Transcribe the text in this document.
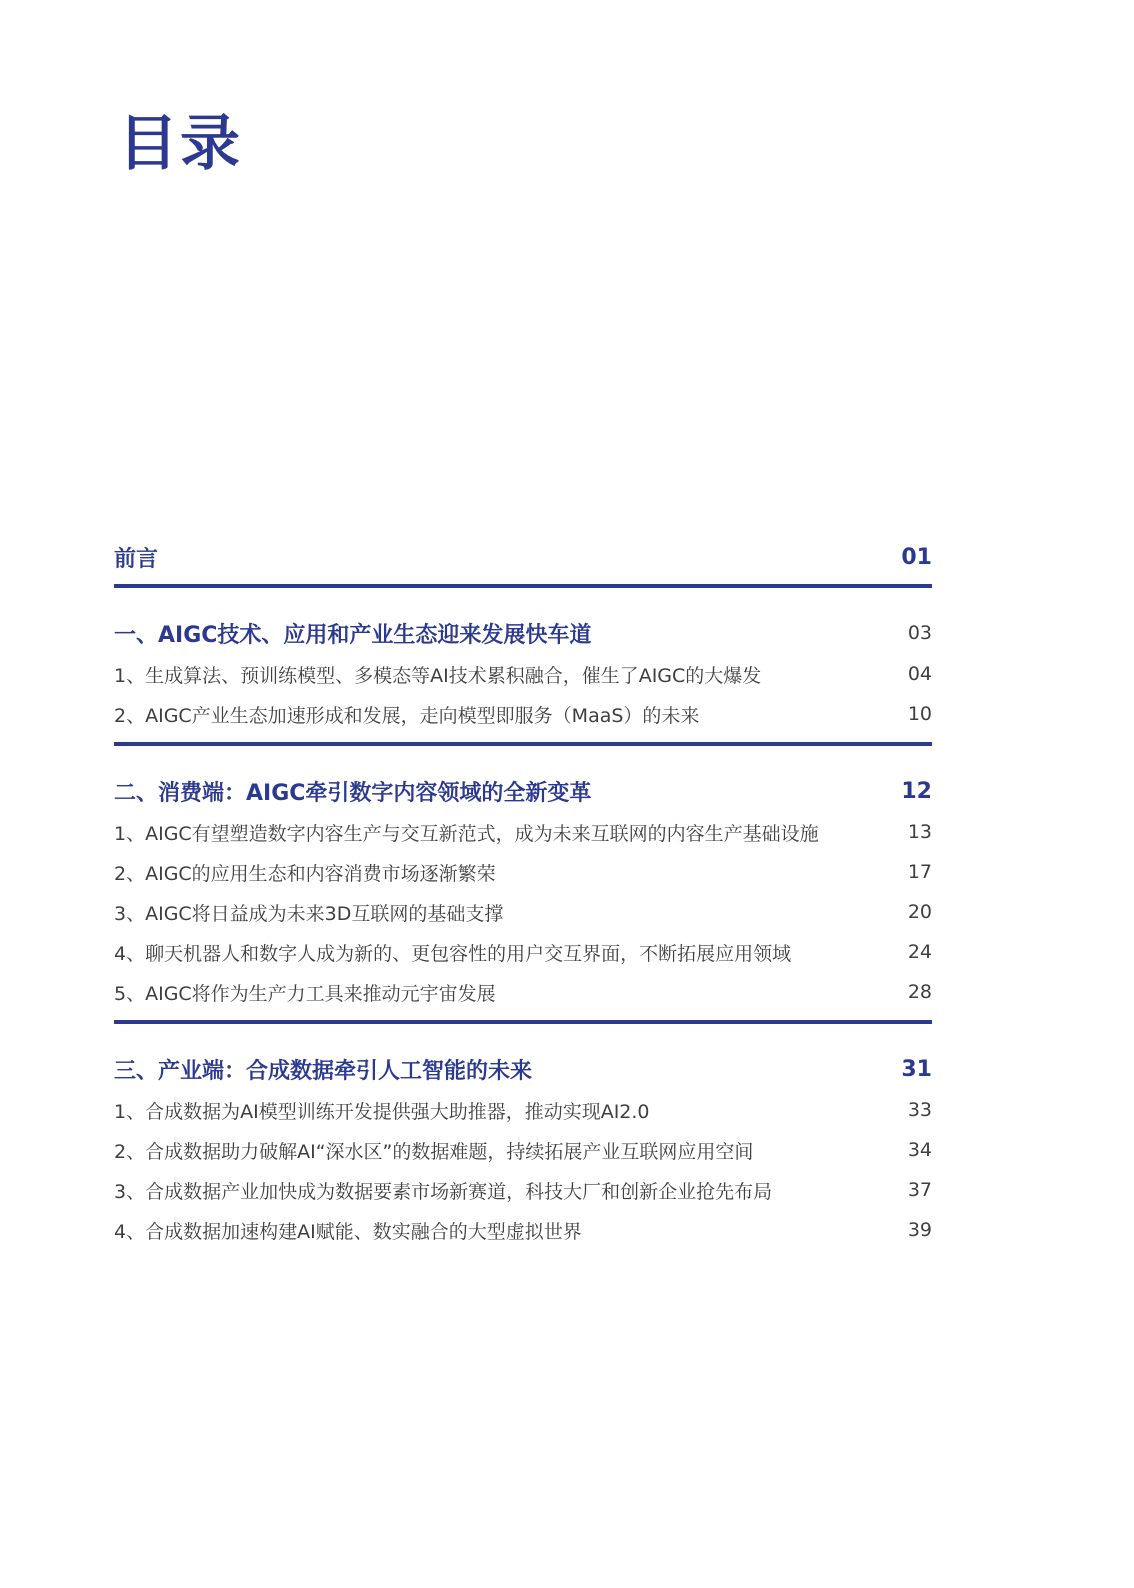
目录
前言	01
一、AIGC技术、应用和产业生态迎来发展快车道	03
1、生成算法、预训练模型、多模态等AI技术累积融合，催生了AIGC的大爆发	04
2、AIGC产业生态加速形成和发展，走向模型即服务（MaaS）的未来	10
二、消费端：AIGC牵引数字内容领域的全新变革	12
1、AIGC有望塑造数字内容生产与交互新范式，成为未来互联网的内容生产基础设施	13
2、AIGC的应用生态和内容消费市场逐渐繁荣	17
3、AIGC将日益成为未来3D互联网的基础支撑	20
4、聊天机器人和数字人成为新的、更包容性的用户交互界面，不断拓展应用领域	24
5、AIGC将作为生产力工具来推动元宇宙发展	28
三、产业端：合成数据牵引人工智能的未来	31
1、合成数据为AI模型训练开发提供强大助推器，推动实现AI2.0	33
2、合成数据助力破解AI“深水区”的数据难题，持续拓展产业互联网应用空间	34
3、合成数据产业加快成为数据要素市场新赛道，科技大厂和创新企业抢先布局	37
4、合成数据加速构建AI赋能、数实融合的大型虚拟世界	39
